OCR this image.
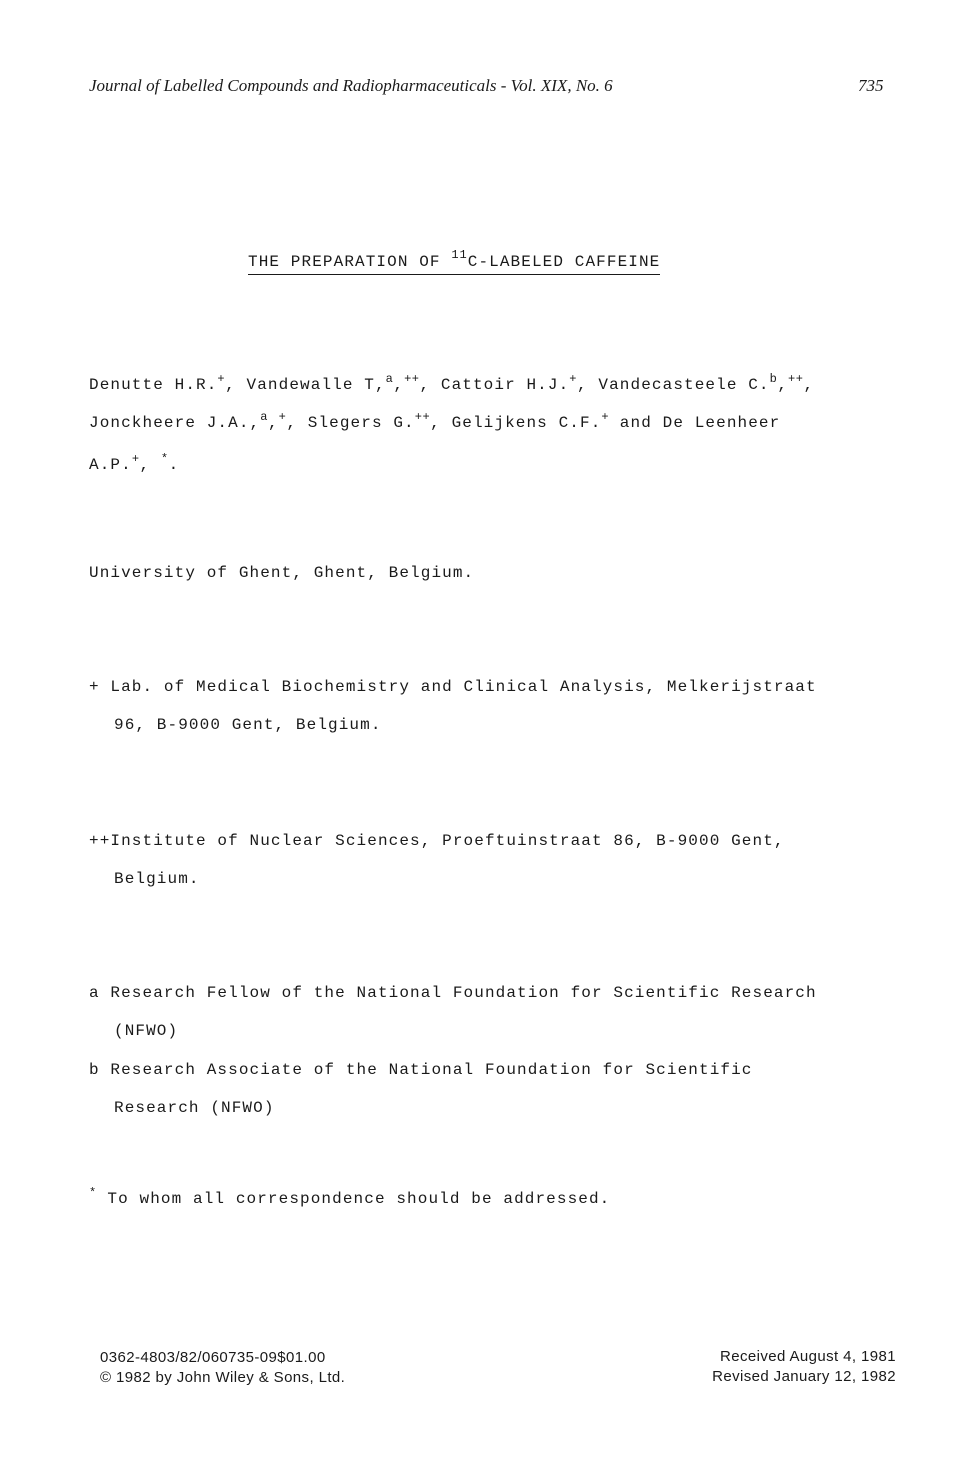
Journal of Labelled Compounds and Radiopharmaceuticals - Vol. XIX, No. 6	735
THE PREPARATION OF $^{11}$C-LABELED CAFFEINE
Denutte H.R.+, Vandewalle T,$^a$,++, Cattoir H.J.+, Vandecasteele C.$^b$,++,
Jonckheere J.A.,$^a$,+, Slegers G.++, Gelijkens C.F.+ and De Leenheer
A.P.+, *.
University of Ghent, Ghent, Belgium.
+ Lab. of Medical Biochemistry and Clinical Analysis, Melkerijstraat
96, B-9000 Gent, Belgium.
++Institute of Nuclear Sciences, Proeftuinstraat 86, B-9000 Gent,
Belgium.
a Research Fellow of the National Foundation for Scientific Research
(NFWO)
b Research Associate of the National Foundation for Scientific
Research (NFWO)
* To whom all correspondence should be addressed.
0362-4803/82/060735-09$01.00
© 1982 by John Wiley & Sons, Ltd.
Received August 4, 1981
Revised January 12, 1982
